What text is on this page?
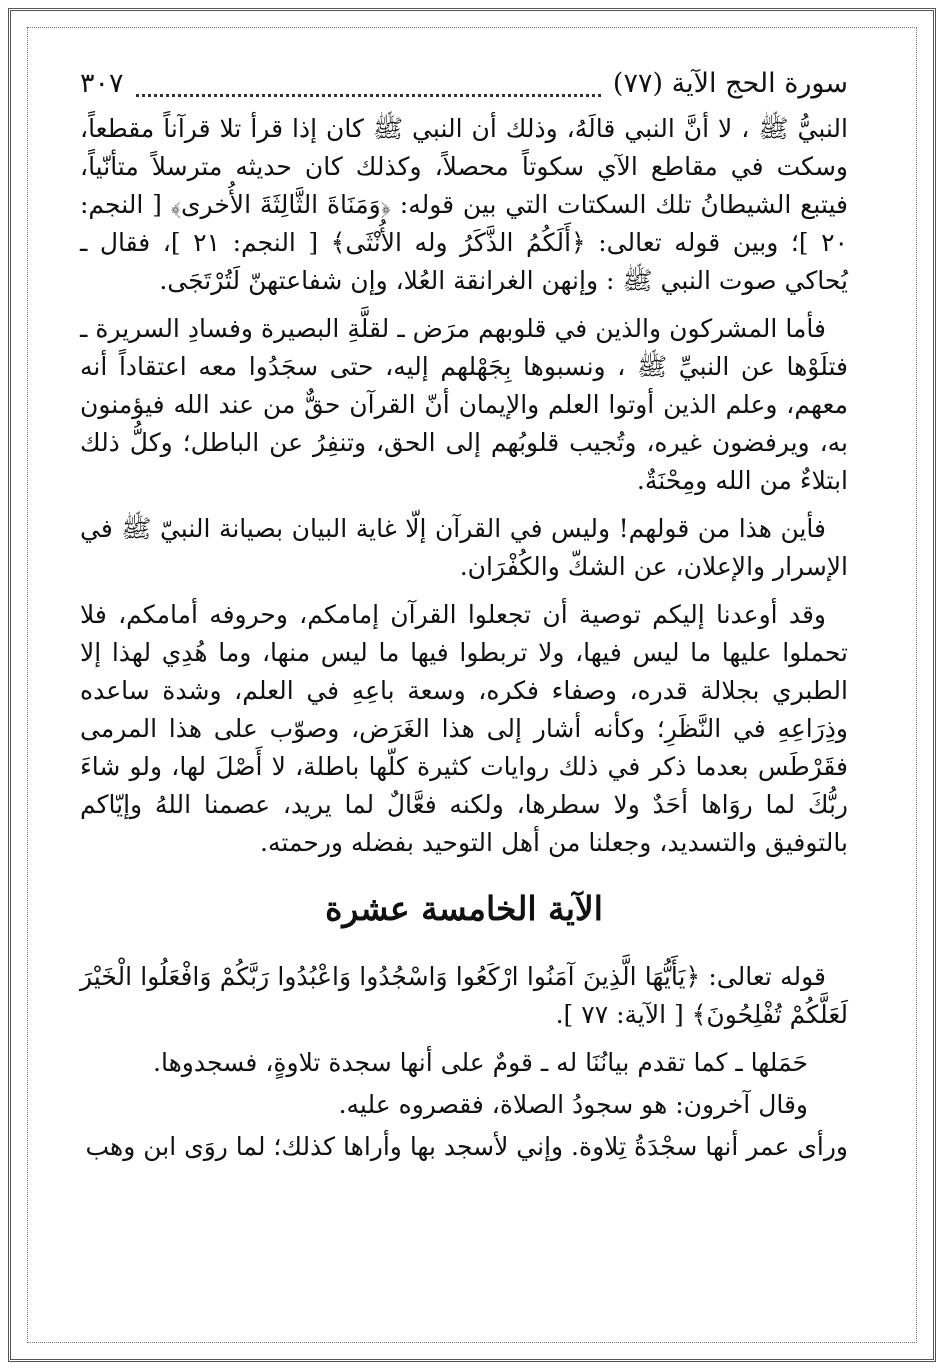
سورة الحج الآية (٧٧)
٣٠٧

النبيُّ ﷺ ، لا أنَّ النبي قالَهُ، وذلك أن النبي ﷺ كان إذا قرأ تلا قرآناً مقطعاً، وسكت في مقاطع الآي سكوتاً محصلاً، وكذلك كان حديثه مترسلاً متأنّياً، فيتبع الشيطانُ تلك السكتات التي بين قوله: ﴿وَمَنَاةَ الثَّالِثَةَ الأُخرى﴾ [ النجم: ٢٠ ]؛ وبين قوله تعالى: ﴿أَلَكُمُ الذَّكَرُ وله الأُنْثَى﴾ [ النجم: ٢١ ]، فقال ـ يُحاكي صوت النبي ﷺ : وإنهن الغرانقة العُلا، وإن شفاعتهنّ لَتُرْتَجَى.

فأما المشركون والذين في قلوبهم مرَض ـ لقلَّةِ البصيرة وفسادِ السريرة ـ فتلَوْها عن النبيِّ ﷺ ، ونسبوها بِجَهْلهم إليه، حتى سجَدُوا معه اعتقاداً أنه معهم، وعلم الذين أوتوا العلم والإيمان أنّ القرآن حقٌّ من عند الله فيؤمنون به، ويرفضون غيره، وتُجيب قلوبُهم إلى الحق، وتنفِرُ عن الباطل؛ وكلُّ ذلك ابتلاءٌ من الله ومِحْنَةٌ.

فأين هذا من قولهم! وليس في القرآن إلّا غاية البيان بصيانة النبيّ ﷺ في الإسرار والإعلان، عن الشكّ والكُفْرَان.

وقد أوعدنا إليكم توصية أن تجعلوا القرآن إمامكم، وحروفه أمامكم، فلا تحملوا عليها ما ليس فيها، ولا تربطوا فيها ما ليس منها، وما هُدِي لهذا إلا الطبري بجلالة قدره، وصفاء فكره، وسعة باعِهِ في العلم، وشدة ساعده وذِرَاعِهِ في النَّظَرِ؛ وكأنه أشار إلى هذا الغَرَض، وصوّب على هذا المرمى فقَرْطَس بعدما ذكر في ذلك روايات كثيرة كلّها باطلة، لا أَصْلَ لها، ولو شاءَ ربُّكَ لما روَاها أحَدٌ ولا سطرها، ولكنه فعَّالٌ لما يريد، عصمنا اللهُ وإيّاكم بالتوفيق والتسديد، وجعلنا من أهل التوحيد بفضله ورحمته.

الآية الخامسة عشرة

قوله تعالى: ﴿يَأَيُّهَا الَّذِينَ آمَنُوا ارْكَعُوا وَاسْجُدُوا وَاعْبُدُوا رَبَّكُمْ وَافْعَلُوا الْخَيْرَ لَعَلَّكُمْ تُفْلِحُونَ﴾ [ الآية: ٧٧ ].

حَمَلها ـ كما تقدم بيانُنَا له ـ قومٌ على أنها سجدة تلاوةٍ، فسجدوها.

وقال آخرون: هو سجودُ الصلاة، فقصروه عليه.

ورأى عمر أنها سجْدَةُ تِلاوة. وإني لأسجد بها وأراها كذلك؛ لما روَى ابن وهب
